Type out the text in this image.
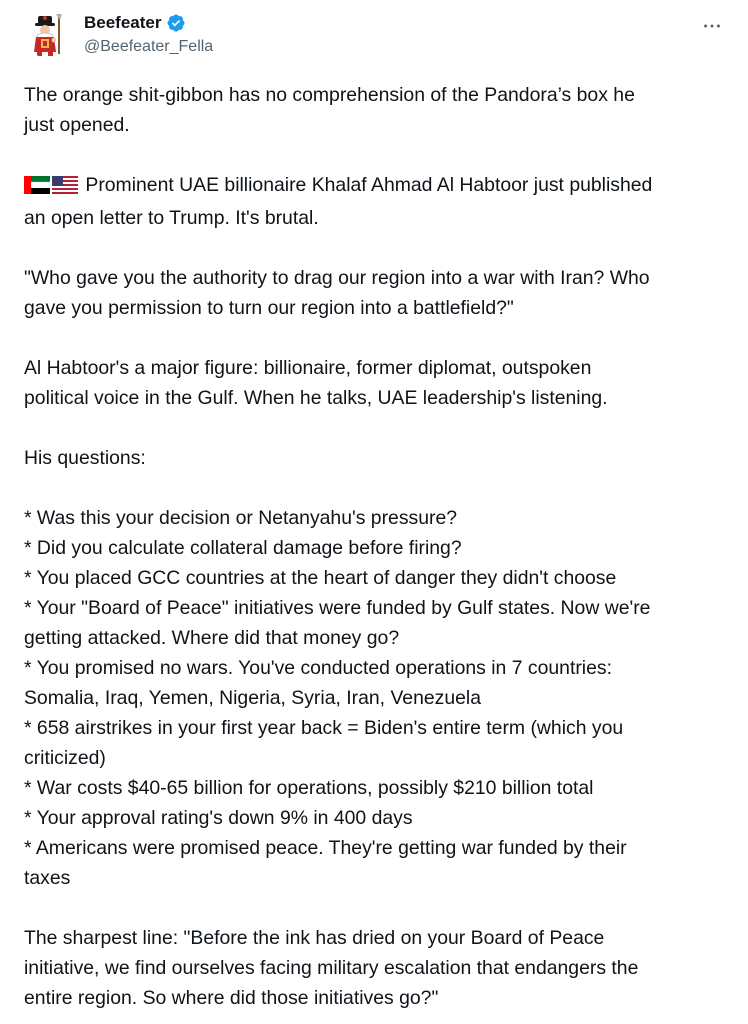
Beefeater
@Beefeater_Fella

The orange shit-gibbon has no comprehension of the Pandora’s box he

just opened.

Prominent UAE billionaire Khalaf Ahmad Al Habtoor just published

an open letter to Trump. It's brutal.

"Who gave you the authority to drag our region into a war with Iran? Who

gave you permission to turn our region into a battlefield?"

Al Habtoor's a major figure: billionaire, former diplomat, outspoken

political voice in the Gulf. When he talks, UAE leadership's listening.

His questions:

* Was this your decision or Netanyahu's pressure?

* Did you calculate collateral damage before firing?

* You placed GCC countries at the heart of danger they didn't choose

* Your "Board of Peace" initiatives were funded by Gulf states. Now we're

getting attacked. Where did that money go?

* You promised no wars. You've conducted operations in 7 countries:

Somalia, Iraq, Yemen, Nigeria, Syria, Iran, Venezuela

* 658 airstrikes in your first year back = Biden's entire term (which you

criticized)

* War costs $40-65 billion for operations, possibly $210 billion total

* Your approval rating's down 9% in 400 days

* Americans were promised peace. They're getting war funded by their

taxes

The sharpest line: "Before the ink has dried on your Board of Peace

initiative, we find ourselves facing military escalation that endangers the

entire region. So where did those initiatives go?"
